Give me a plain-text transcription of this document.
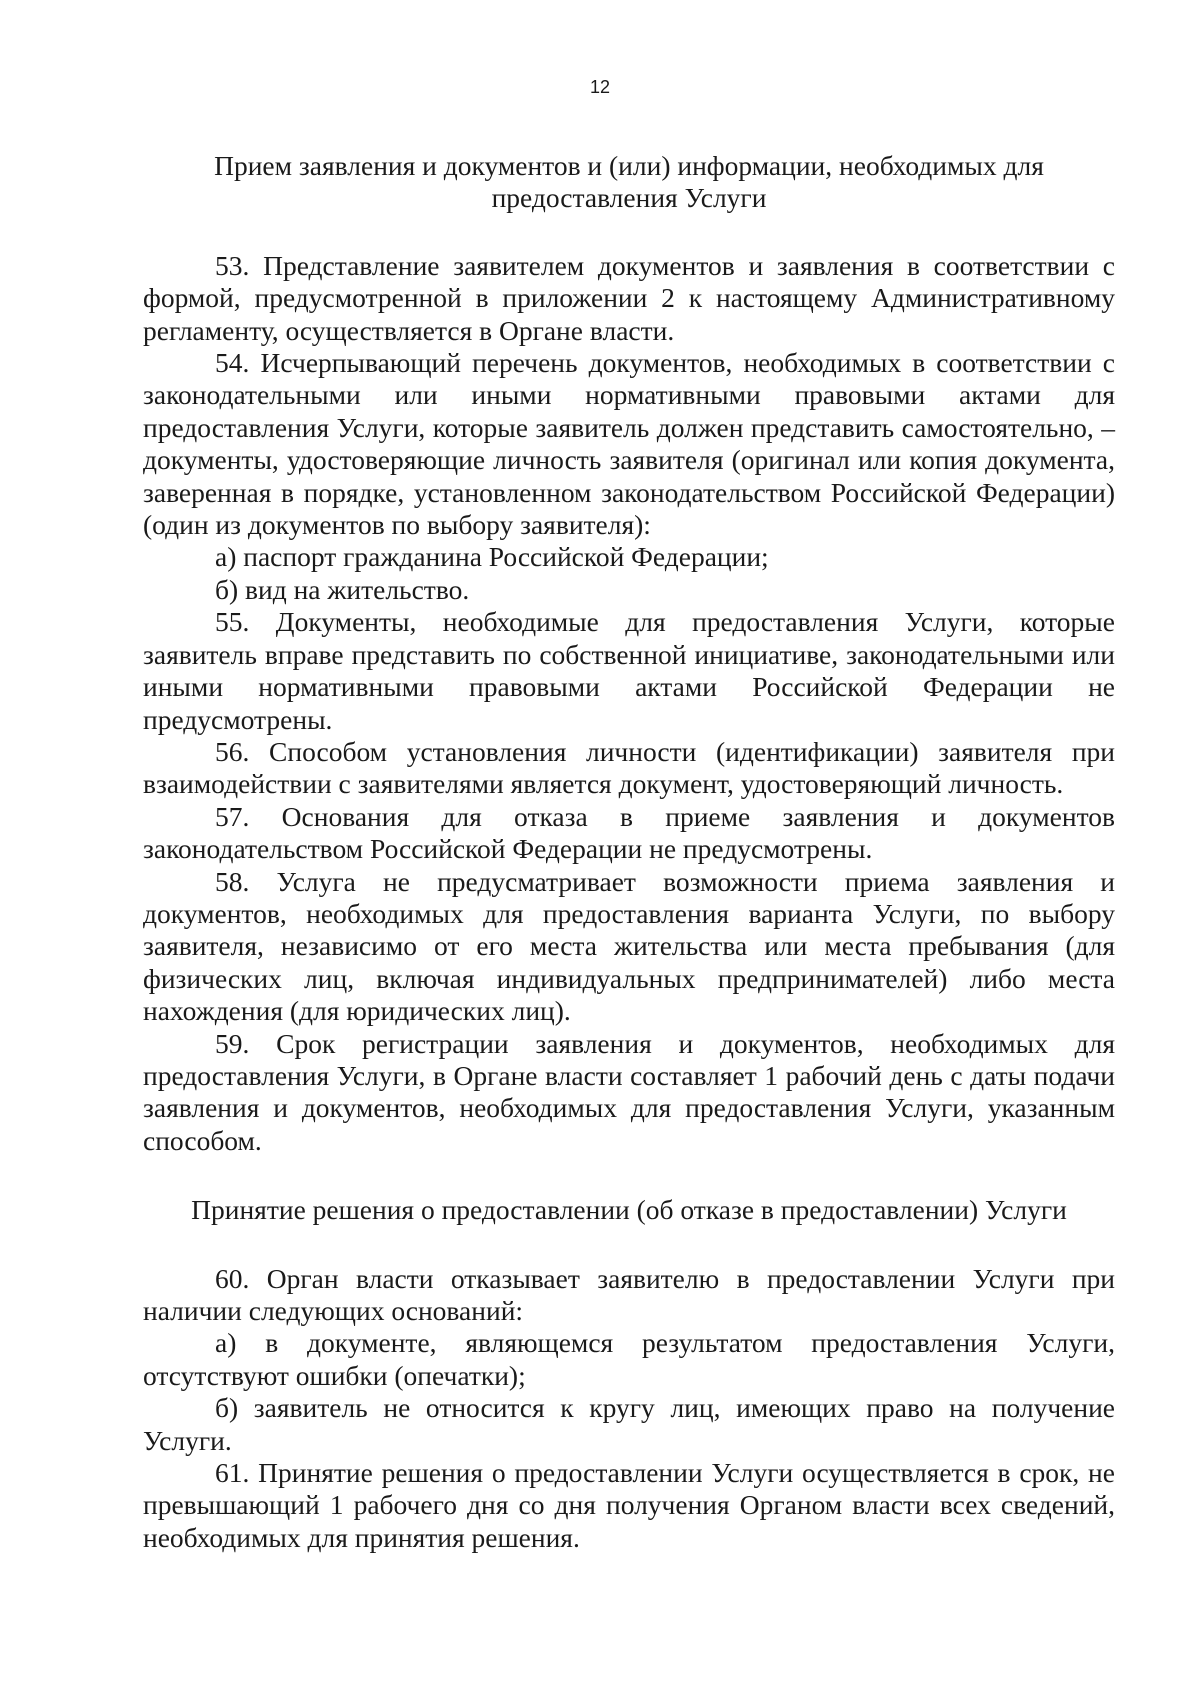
12
Прием заявления и документов и (или) информации, необходимых для
предоставления Услуги

53. Представление заявителем документов и заявления в соответствии с формой, предусмотренной в приложении 2 к настоящему Административному регламенту, осуществляется в Органе власти.

54. Исчерпывающий перечень документов, необходимых в соответствии с законодательными или иными нормативными правовыми актами для предоставления Услуги, которые заявитель должен представить самостоятельно, – документы, удостоверяющие личность заявителя (оригинал или копия документа, заверенная в порядке, установленном законодательством Российской Федерации) (один из документов по выбору заявителя):

а) паспорт гражданина Российской Федерации;

б) вид на жительство.

55. Документы, необходимые для предоставления Услуги, которые заявитель вправе представить по собственной инициативе, законодательными или иными нормативными правовыми актами Российской Федерации не предусмотрены.

56. Способом установления личности (идентификации) заявителя при взаимодействии с заявителями является документ, удостоверяющий личность.

57. Основания для отказа в приеме заявления и документов законодательством Российской Федерации не предусмотрены.

58. Услуга не предусматривает возможности приема заявления и документов, необходимых для предоставления варианта Услуги, по выбору заявителя, независимо от его места жительства или места пребывания (для физических лиц, включая индивидуальных предпринимателей) либо места нахождения (для юридических лиц).

59. Срок регистрации заявления и документов, необходимых для предоставления Услуги, в Органе власти составляет 1 рабочий день с даты подачи заявления и документов, необходимых для предоставления Услуги, указанным способом.

Принятие решения о предоставлении (об отказе в предоставлении) Услуги

60. Орган власти отказывает заявителю в предоставлении Услуги при наличии следующих оснований:

а) в документе, являющемся результатом предоставления Услуги, отсутствуют ошибки (опечатки);

б) заявитель не относится к кругу лиц, имеющих право на получение Услуги.

61. Принятие решения о предоставлении Услуги осуществляется в срок, не превышающий 1 рабочего дня со дня получения Органом власти всех сведений, необходимых для принятия решения.
